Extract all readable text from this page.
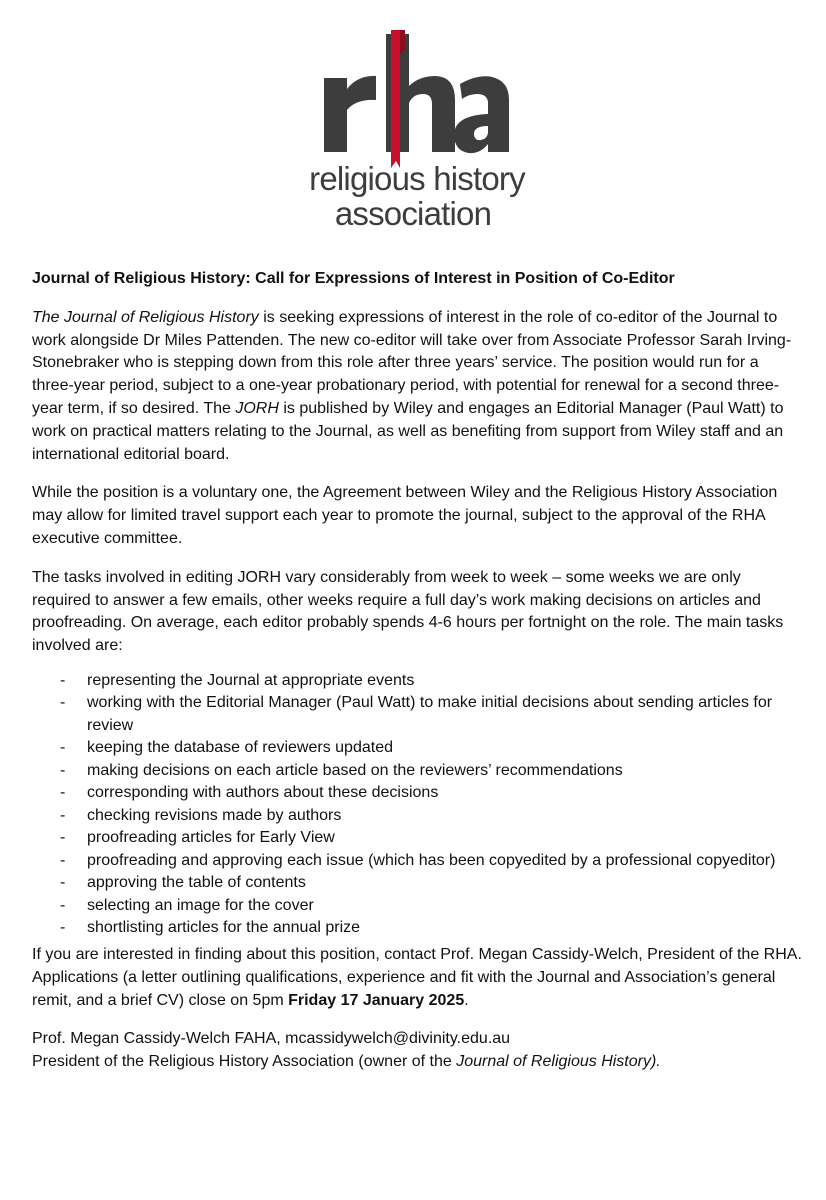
religious history
association

Journal of Religious History: Call for Expressions of Interest in Position of Co-Editor

The Journal of Religious History is seeking expressions of interest in the role of co-editor of the Journal to work alongside Dr Miles Pattenden. The new co-editor will take over from Associate Professor Sarah Irving-Stonebraker who is stepping down from this role after three years’ service. The position would run for a three-year period, subject to a one-year probationary period, with potential for renewal for a second three-year term, if so desired. The JORH is published by Wiley and engages an Editorial Manager (Paul Watt) to work on practical matters relating to the Journal, as well as benefiting from support from Wiley staff and an international editorial board.

While the position is a voluntary one, the Agreement between Wiley and the Religious History Association may allow for limited travel support each year to promote the journal, subject to the approval of the RHA executive committee.

The tasks involved in editing JORH vary considerably from week to week – some weeks we are only required to answer a few emails, other weeks require a full day’s work making decisions on articles and proofreading. On average, each editor probably spends 4-6 hours per fortnight on the role. The main tasks involved are:

- representing the Journal at appropriate events
- working with the Editorial Manager (Paul Watt) to make initial decisions about sending articles for review
- keeping the database of reviewers updated
- making decisions on each article based on the reviewers’ recommendations
- corresponding with authors about these decisions
- checking revisions made by authors
- proofreading articles for Early View
- proofreading and approving each issue (which has been copyedited by a professional copyeditor)
- approving the table of contents
- selecting an image for the cover
- shortlisting articles for the annual prize

If you are interested in finding about this position, contact Prof. Megan Cassidy-Welch, President of the RHA. Applications (a letter outlining qualifications, experience and fit with the Journal and Association’s general remit, and a brief CV) close on 5pm Friday 17 January 2025.

Prof. Megan Cassidy-Welch FAHA, mcassidywelch@divinity.edu.au

President of the Religious History Association (owner of the Journal of Religious History).
